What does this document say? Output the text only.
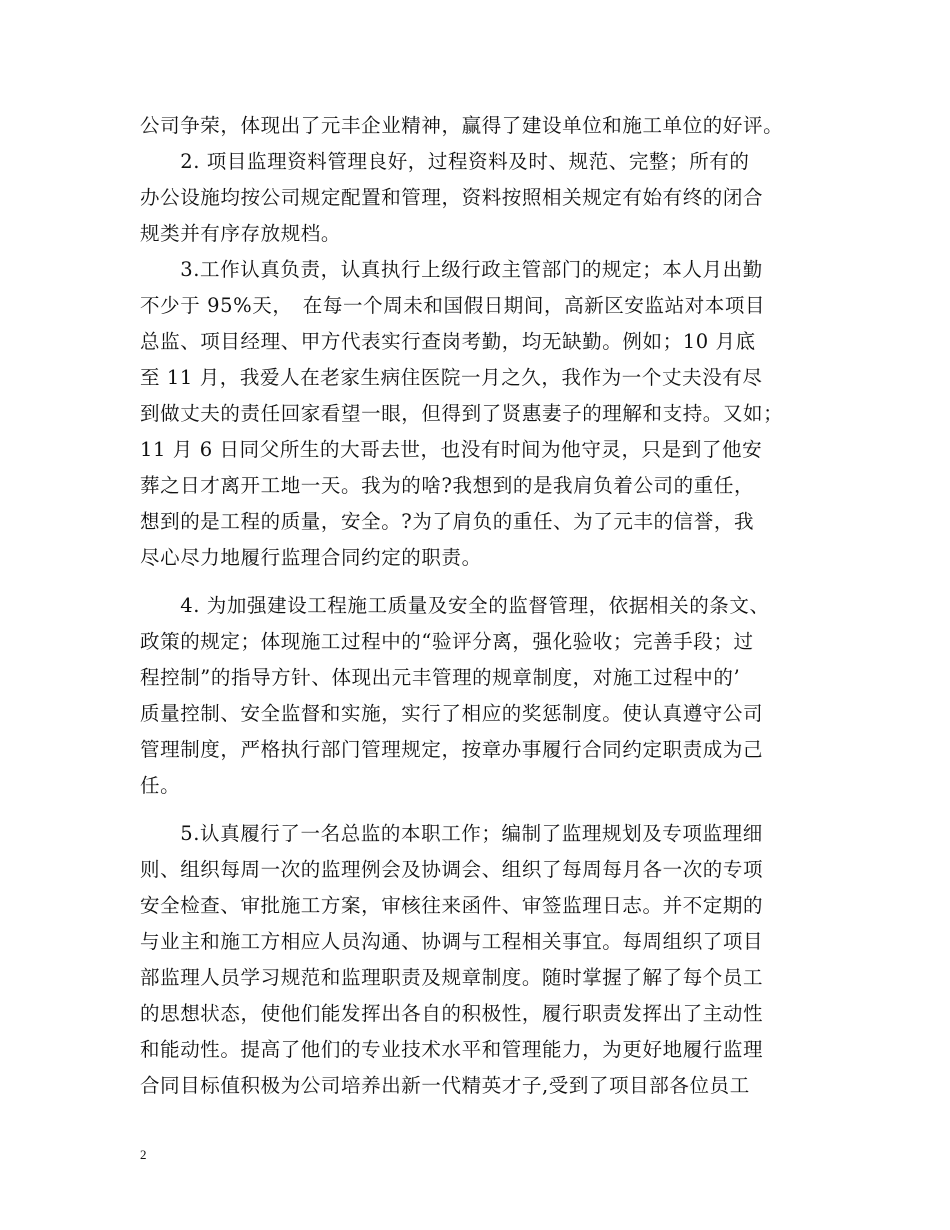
公司争荣，体现出了元丰企业精神，赢得了建设单位和施工单位的好评。
　　2. 项目监理资料管理良好，过程资料及时、规范、完整；所有的
办公设施均按公司规定配置和管理，资料按照相关规定有始有终的闭合
规类并有序存放规档。
　　3.工作认真负责，认真执行上级行政主管部门的规定；本人月出勤
不少于 95%天，　在每一个周未和国假日期间，高新区安监站对本项目
总监、项目经理、甲方代表实行查岗考勤，均无缺勤。例如；10 月底
至 11 月，我爱人在老家生病住医院一月之久，我作为一个丈夫没有尽
到做丈夫的责任回家看望一眼，但得到了贤惠妻子的理解和支持。又如；
11 月 6 日同父所生的大哥去世，也没有时间为他守灵，只是到了他安
葬之日才离开工地一天。我为的啥?我想到的是我肩负着公司的重任，
想到的是工程的质量，安全。?为了肩负的重任、为了元丰的信誉，我
尽心尽力地履行监理合同约定的职责。
　　4. 为加强建设工程施工质量及安全的监督管理，依据相关的条文、
政策的规定；体现施工过程中的“验评分离，强化验收；完善手段；过
程控制”的指导方针、体现出元丰管理的规章制度，对施工过程中的’
质量控制、安全监督和实施，实行了相应的奖惩制度。使认真遵守公司
管理制度，严格执行部门管理规定，按章办事履行合同约定职责成为己
任。
　　5.认真履行了一名总监的本职工作；编制了监理规划及专项监理细
则、组织每周一次的监理例会及协调会、组织了每周每月各一次的专项
安全检查、审批施工方案，审核往来函件、审签监理日志。并不定期的
与业主和施工方相应人员沟通、协调与工程相关事宜。每周组织了项目
部监理人员学习规范和监理职责及规章制度。随时掌握了解了每个员工
的思想状态，使他们能发挥出各自的积极性，履行职责发挥出了主动性
和能动性。提高了他们的专业技术水平和管理能力，为更好地履行监理
合同目标值积极为公司培养出新一代精英才子,受到了项目部各位员工
2
